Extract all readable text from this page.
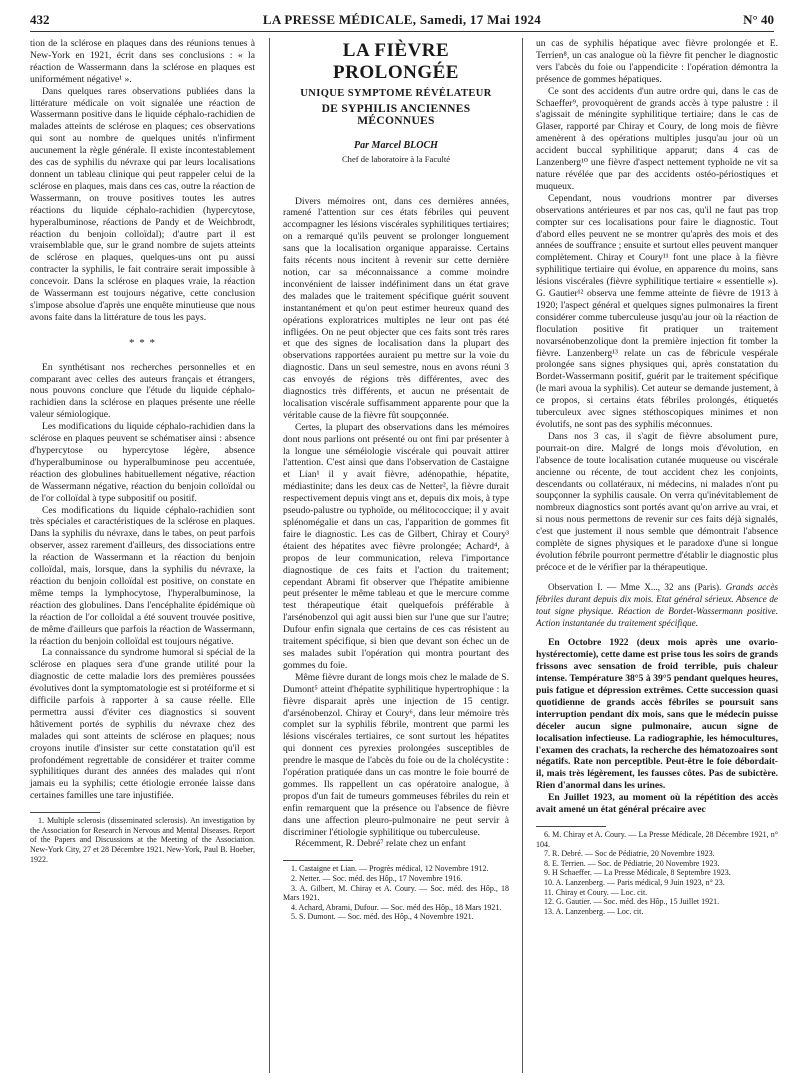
432	LA PRESSE MÉDICALE, Samedi, 17 Mai 1924	N° 40

tion de la sclérose en plaques dans des réunions tenues à New-York en 1921, écrit dans ses conclusions : « la réaction de Wassermann dans la sclérose en plaques est uniformément négative¹ ».

Dans quelques rares observations publiées dans la littérature médicale on voit signalée une réaction de Wassermann positive dans le liquide céphalo-rachidien de malades atteints de sclérose en plaques; ces observations qui sont au nombre de quelques unités n'infirment aucunement la règle générale. Il existe incontestablement des cas de syphilis du névraxe qui par leurs localisations donnent un tableau clinique qui peut rappeler celui de la sclérose en plaques, mais dans ces cas, outre la réaction de Wassermann, on trouve positives toutes les autres réactions du liquide céphalo-rachidien (hypercytose, hyperalbuminose, réactions de Pandy et de Weichbrodt, réaction du benjoin colloïdal); d'autre part il est vraisemblable que, sur le grand nombre de sujets atteints de sclérose en plaques, quelques-uns ont pu aussi contracter la syphilis, le fait contraire serait impossible à concevoir. Dans la sclérose en plaques vraie, la réaction de Wassermann est toujours négative, cette conclusion s'impose absolue d'après une enquête minutieuse que nous avons faite dans la littérature de tous les pays.

* * *

En synthétisant nos recherches personnelles et en comparant avec celles des auteurs français et étrangers, nous pouvons conclure que l'étude du liquide céphalo-rachidien dans la sclérose en plaques présente une réelle valeur sémiologique.

Les modifications du liquide céphalo-rachidien dans la sclérose en plaques peuvent se schématiser ainsi : absence d'hypercytose ou hypercytose légère, absence d'hyperalbuminose ou hyperalbuminose peu accentuée, réaction des globulines habituellement négative, réaction de Wassermann négative, réaction du benjoin colloïdal ou de l'or colloïdal à type subpositif ou positif.

Ces modifications du liquide céphalo-rachidien sont très spéciales et caractéristiques de la sclérose en plaques. Dans la syphilis du névraxe, dans le tabes, on peut parfois observer, assez rarement d'ailleurs, des dissociations entre la réaction de Wassermann et la réaction du benjoin colloïdal, mais, lorsque, dans la syphilis du névraxe, la réaction du benjoin colloïdal est positive, on constate en même temps la lymphocytose, l'hyperalbuminose, la réaction des globulines. Dans l'encéphalite épidémique où la réaction de l'or colloïdal a été souvent trouvée positive, de même d'ailleurs que parfois la réaction de Wassermann, la réaction du benjoin colloïdal est toujours négative.

La connaissance du syndrome humoral si spécial de la sclérose en plaques sera d'une grande utilité pour la diagnostic de cette maladie lors des premières poussées évolutives dont la symptomatologie est si protéiforme et si difficile parfois à rapporter à sa cause réelle. Elle permettra aussi d'éviter ces diagnostics si souvent hâtivement portés de syphilis du névraxe chez des malades qui sont atteints de sclérose en plaques; nous croyons inutile d'insister sur cette constatation qu'il est profondément regrettable de considérer et traiter comme syphilitiques durant des années des malades qui n'ont jamais eu la syphilis; cette étiologie erronée laisse dans certaines familles une tare injustifiée.

1. Multiple sclerosis (disseminated sclerosis). An investigation by the Association for Research in Nervous and Mental Diseases. Report of the Papers and Discussions at the Meeting of the Association. New-York City, 27 et 28 Décembre 1921. New-York, Paul B. Hoeber, 1922.

LA FIÈVRE PROLONGÉE
UNIQUE SYMPTOME RÉVÉLATEUR
DE SYPHILIS ANCIENNES MÉCONNUES
Par Marcel BLOCH
Chef de laboratoire à la Faculté

Divers mémoires ont, dans ces dernières années, ramené l'attention sur ces états fébriles qui peuvent accompagner les lésions viscérales syphilitiques tertiaires; on a remarqué qu'ils peuvent se prolonger longuement sans que la localisation organique apparaisse. Certains faits récents nous incitent à revenir sur cette dernière notion, car sa méconnaissance a comme moindre inconvénient de laisser indéfiniment dans un état grave des malades que le traitement spécifique guérit souvent instantanément et qu'on peut estimer heureux quand des opérations exploratrices multiples ne leur ont pas été infligées. On ne peut objecter que ces faits sont très rares et que des signes de localisation dans la plupart des observations rapportées auraient pu mettre sur la voie du diagnostic. Dans un seul semestre, nous en avons réuni 3 cas envoyés de régions très différentes, avec des diagnostics très différents, et aucun ne présentait de localisation viscérale suffisamment apparente pour que la véritable cause de la fièvre fût soupçonnée.

Certes, la plupart des observations dans les mémoires dont nous parlions ont présenté ou ont fini par présenter à la longue une séméiologie viscérale qui pouvait attirer l'attention. C'est ainsi que dans l'observation de Castaigne et Lian¹ il y avait fièvre, adénopathie, hépatite, médiastinite; dans les deux cas de Netter², la fièvre durait respectivement depuis vingt ans et, depuis dix mois, à type pseudo-palustre ou typhoïde, ou mélitococcique; il y avait splénomégalie et dans un cas, l'apparition de gommes fit faire le diagnostic. Les cas de Gilbert, Chiray et Coury³ étaient des hépatites avec fièvre prolongée; Achard⁴, à propos de leur communication, releva l'importance diagnostique de ces faits et l'action du traitement; cependant Abrami fit observer que l'hépatite amibienne peut présenter le même tableau et que le mercure comme test thérapeutique était quelquefois préférable à l'arsénobenzol qui agit aussi bien sur l'une que sur l'autre; Dufour enfin signala que certains de ces cas résistent au traitement spécifique, si bien que devant son échec un de ses malades subit l'opération qui montra pourtant des gommes du foie.

Même fièvre durant de longs mois chez le malade de S. Dumont⁵ atteint d'hépatite syphilitique hypertrophique : la fièvre disparait après une injection de 15 centigr. d'arsénobenzol. Chiray et Coury⁶, dans leur mémoire très complet sur la syphilis fébrile, montrent que parmi les lésions viscérales tertiaires, ce sont surtout les hépatites qui donnent ces pyrexies prolongées susceptibles de prendre le masque de l'abcès du foie ou de la cholécystite : l'opération pratiquée dans un cas montre le foie bourré de gommes. Ils rappellent un cas opératoire analogue, à propos d'un fait de tumeurs gommeuses fébriles du rein et enfin remarquent que la présence ou l'absence de fièvre dans une affection pleuro-pulmonaire ne peut servir à discriminer l'étiologie syphilitique ou tuberculeuse.

Récemment, R. Debré⁷ relate chez un enfant

1. Castaigne et Lian. — Progrès médical, 12 Novembre 1912.

2. Netter. — Soc. méd. des Hôp., 17 Novembre 1916.

3. A. Gilbert, M. Chiray et A. Coury. — Soc. méd. des Hôp., 18 Mars 1921.

4. Achard, Abrami, Dufour. — Soc. méd des Hôp., 18 Mars 1921.

5. S. Dumont. — Soc. méd. des Hôp., 4 Novembre 1921.

un cas de syphilis hépatique avec fièvre prolongée et E. Terrien⁸, un cas analogue où la fièvre fit pencher le diagnostic vers l'abcès du foie ou l'appendicite : l'opération démontra la présence de gommes hépatiques.

Ce sont des accidents d'un autre ordre qui, dans le cas de Schaeffer⁹, provoquèrent de grands accès à type palustre : il s'agissait de méningite syphilitique tertiaire; dans le cas de Glaser, rapporté par Chiray et Coury, de long mois de fièvre amenèrent à des opérations multiples jusqu'au jour où un accident buccal syphilitique apparut; dans 4 cas de Lanzenberg¹⁰ une fièvre d'aspect nettement typhoïde ne vit sa nature révélée que par des accidents ostéo-périostiques et muqueux.

Cependant, nous voudrions montrer par diverses observations antérieures et par nos cas, qu'il ne faut pas trop compter sur ces localisations pour faire le diagnostic. Tout d'abord elles peuvent ne se montrer qu'après des mois et des années de souffrance ; ensuite et surtout elles peuvent manquer complètement. Chiray et Coury¹¹ font une place à la fièvre syphilitique tertiaire qui évolue, en apparence du moins, sans lésions viscérales (fièvre syphilitique tertiaire « essentielle »). G. Gautier¹² observa une femme atteinte de fièvre de 1913 à 1920; l'aspect général et quelques signes pulmonaires la firent considérer comme tuberculeuse jusqu'au jour où la réaction de floculation positive fit pratiquer un traitement novarsénobenzolique dont la première injection fit tomber la fièvre. Lanzenberg¹³ relate un cas de fébricule vespérale prolongée sans signes physiques qui, après constatation du Bordet-Wassermann positif, guérit par le traitement spécifique (le mari avoua la syphilis). Cet auteur se demande justement, à ce propos, si certains états fébriles prolongés, étiquetés tuberculeux avec signes stéthoscopiques minimes et non évolutifs, ne sont pas des syphilis méconnues.

Dans nos 3 cas, il s'agit de fièvre absolument pure, pourrait-on dire. Malgré de longs mois d'évolution, en l'absence de toute localisation cutanée muqueuse ou viscérale ancienne ou récente, de tout accident chez les conjoints, descendants ou collatéraux, ni médecins, ni malades n'ont pu soupçonner la syphilis causale. On verra qu'inévitablement de nombreux diagnostics sont portés avant qu'on arrive au vrai, et si nous nous permettons de revenir sur ces faits déjà signalés, c'est que justement il nous semble que démontrait l'absence complète de signes physiques et le paradoxe d'une si longue évolution fébrile pourront permettre d'établir le diagnostic plus précoce et de le vérifier par la thérapeutique.

Observation I. — Mme X..., 32 ans (Paris). Grands accès fébriles durant depuis dix mois. Etat général sérieux. Absence de tout signe physique. Réaction de Bordet-Wassermann positive. Action instantanée du traitement spécifique.

En Octobre 1922 (deux mois après une ovario-hystérectomie), cette dame est prise tous les soirs de grands frissons avec sensation de froid terrible, puis chaleur intense. Température 38°5 à 39°5 pendant quelques heures, puis fatigue et dépression extrêmes. Cette succession quasi quotidienne de grands accès fébriles se poursuit sans interruption pendant dix mois, sans que le médecin puisse déceler aucun signe pulmonaire, aucun signe de localisation infectieuse. La radiographie, les hémocultures, l'examen des crachats, la recherche des hématozoaires sont négatifs. Rate non perceptible. Peut-être le foie débordait-il, mais très légèrement, les fausses côtes. Pas de subictère. Rien d'anormal dans les urines.

En Juillet 1923, au moment où la répétition des accès avait amené un état général précaire avec

6. M. Chiray et A. Coury. — La Presse Médicale, 28 Décembre 1921, n° 104.

7. R. Debré. — Soc de Pédiatrie, 20 Novembre 1923.

8. E. Terrien. — Soc. de Pédiatrie, 20 Novembre 1923.

9. H Schaeffer. — La Presse Médicale, 8 Septembre 1923.

10. A. Lanzenberg. — Paris médical, 9 Juin 1923, n° 23.

11. Chiray et Coury. — Loc. cit.

12. G. Gautier. — Soc. méd. des Hôp., 15 Juillet 1921.

13. A. Lanzenberg. — Loc. cit.
